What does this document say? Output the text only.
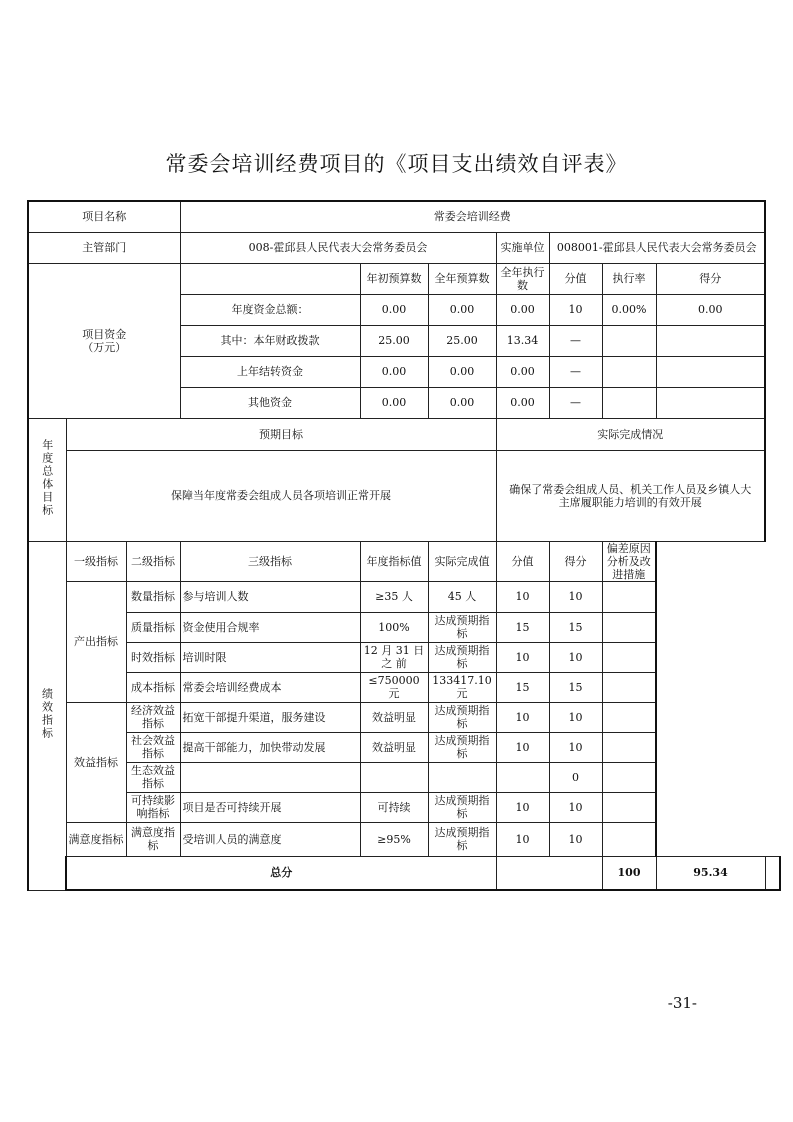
常委会培训经费项目的《项目支出绩效自评表》
项目名称			常委会培训经费							
主管部门			008-霍邱县人民代表大会常务委员会			实施单位	008001-霍邱县人民代表大会常务委员会			

项目资金
（万元）				年初预算数	全年预算数	全年执行数	分值	执行率	得分	
			年度资金总额：	0.00	0.00	0.00	10	0.00%	0.00	
			其中：本年财政拨款	25.00	25.00	13.34	—			
			上年结转资金	0.00	0.00	0.00	—			
			其他资金	0.00	0.00	0.00	—			
年度总体目标	预期目标					实际完成情况				
	保障当年度常委会组成人员各项培训正常开展					确保了常委会组成人员、机关工作人员及乡镇人大主席履职能力培训的有效开展				
绩效指标	一级指标	二级指标	三级指标	年度指标值	实际完成值	分值	得分	偏差原因分析及改进措施		
	产出指标	数量指标	参与培训人数	≥35 人	45 人	10	10			
		质量指标	资金使用合规率	100%	达成预期指标	15	15			
		时效指标	培训时限	12 月 31 日之 前	达成预期指标	10	10			
		成本指标	常委会培训经费成本	≤750000 元	133417.10 元	15	15			
	效益指标	经济效益指标	拓宽干部提升渠道，服务建设	效益明显	达成预期指标	10	10			
		社会效益指标	提高干部能力，加快带动发展	效益明显	达成预期指标	10	10			
		生态效益指标					0			
		可持续影响指标	项目是否可持续开展	可持续	达成预期指标	10	10			
	满意度指标	满意度指标	受培训人员的满意度	≥95%	达成预期指标	10	10			
	总分							100	95.34	
-31-
